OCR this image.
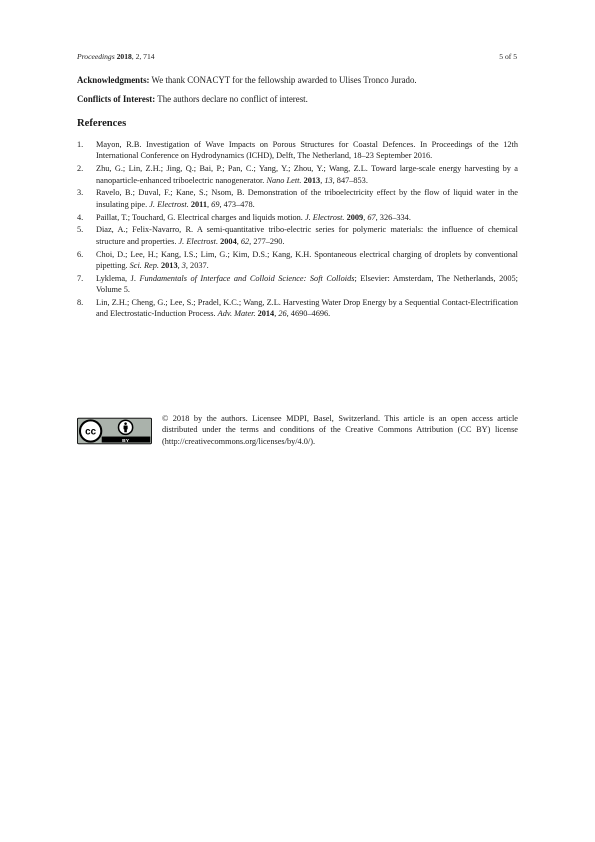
Proceedings 2018, 2, 714	5 of 5
Acknowledgments: We thank CONACYT for the fellowship awarded to Ulises Tronco Jurado.
Conflicts of Interest: The authors declare no conflict of interest.
References
1.	Mayon, R.B. Investigation of Wave Impacts on Porous Structures for Coastal Defences. In Proceedings of the 12th International Conference on Hydrodynamics (ICHD), Delft, The Netherland, 18–23 September 2016.
2.	Zhu, G.; Lin, Z.H.; Jing, Q.; Bai, P.; Pan, C.; Yang, Y.; Zhou, Y.; Wang, Z.L. Toward large-scale energy harvesting by a nanoparticle-enhanced triboelectric nanogenerator. Nano Lett. 2013, 13, 847–853.
3.	Ravelo, B.; Duval, F.; Kane, S.; Nsom, B. Demonstration of the triboelectricity effect by the flow of liquid water in the insulating pipe. J. Electrost. 2011, 69, 473–478.
4.	Paillat, T.; Touchard, G. Electrical charges and liquids motion. J. Electrost. 2009, 67, 326–334.
5.	Diaz, A.; Felix-Navarro, R. A semi-quantitative tribo-electric series for polymeric materials: the influence of chemical structure and properties. J. Electrost. 2004, 62, 277–290.
6.	Choi, D.; Lee, H.; Kang, I.S.; Lim, G.; Kim, D.S.; Kang, K.H. Spontaneous electrical charging of droplets by conventional pipetting. Sci. Rep. 2013, 3, 2037.
7.	Lyklema, J. Fundamentals of Interface and Colloid Science: Soft Colloids; Elsevier: Amsterdam, The Netherlands, 2005; Volume 5.
8.	Lin, Z.H.; Cheng, G.; Lee, S.; Pradel, K.C.; Wang, Z.L. Harvesting Water Drop Energy by a Sequential Contact-Electrification and Electrostatic-Induction Process. Adv. Mater. 2014, 26, 4690–4696.
cc
BY
© 2018 by the authors. Licensee MDPI, Basel, Switzerland. This article is an open access article distributed under the terms and conditions of the Creative Commons Attribution (CC BY) license (http://creativecommons.org/licenses/by/4.0/).
